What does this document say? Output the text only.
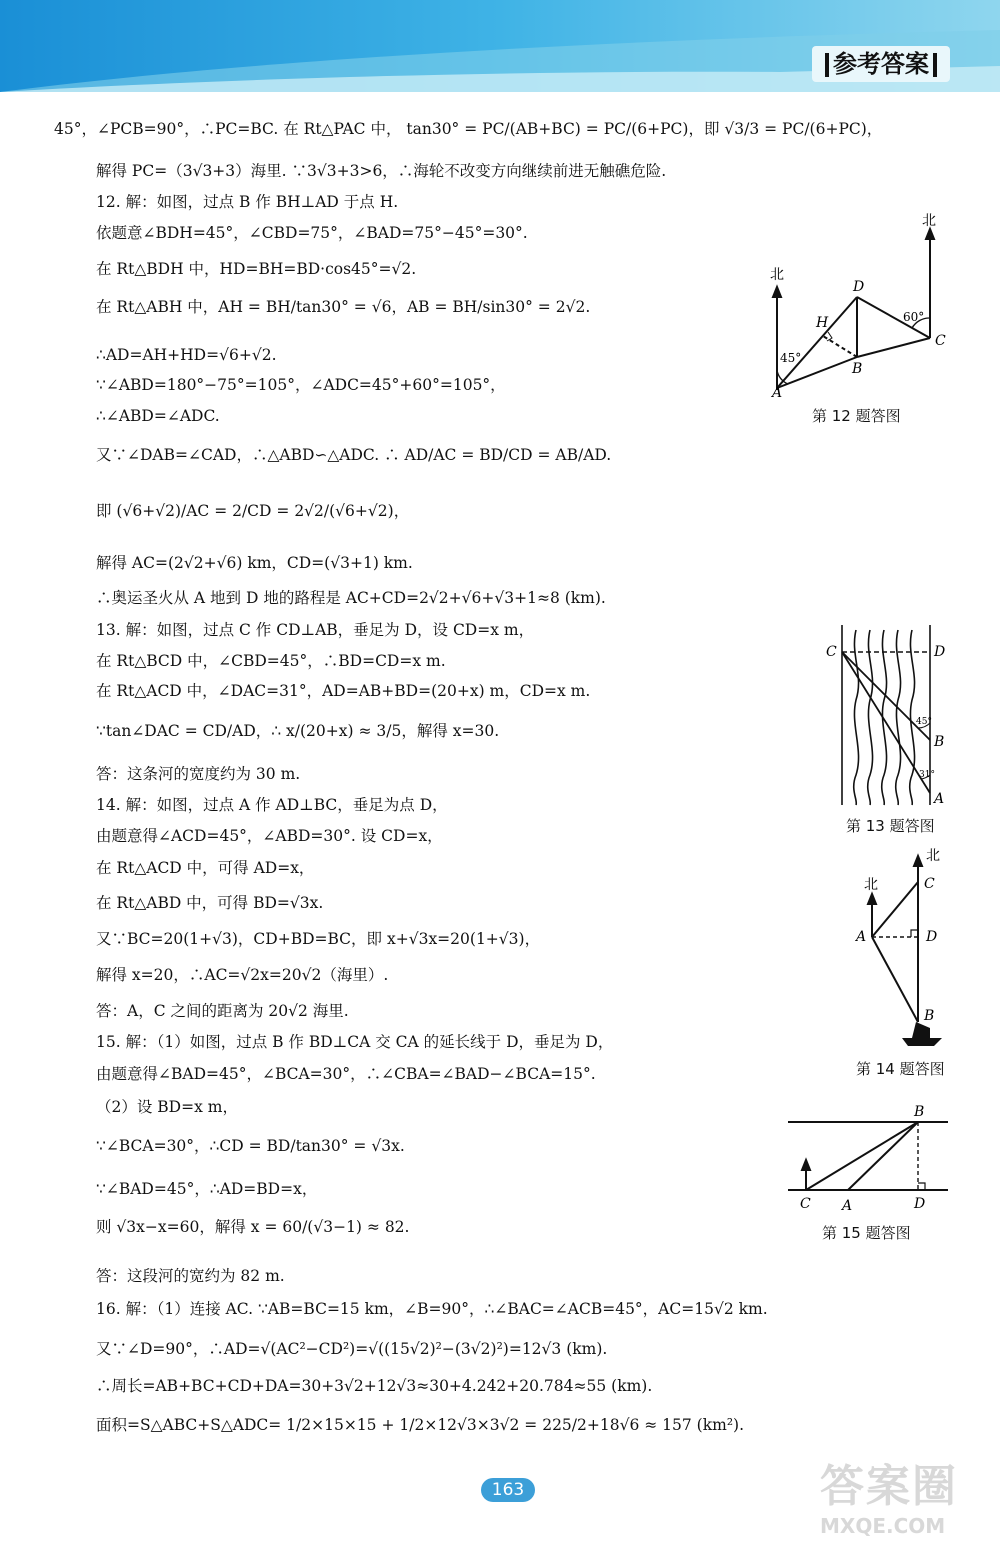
参考答案
45°，∠PCB=90°，∴PC=BC. 在 Rt△PAC 中， tan30° = PC/(AB+BC) = PC/(6+PC)，即 √3/3 = PC/(6+PC)，
解得 PC=（3√3+3）海里. ∵3√3+3>6，∴海轮不改变方向继续前进无触礁危险.
12. 解：如图，过点 B 作 BH⊥AD 于点 H.
依题意∠BDH=45°，∠CBD=75°，∠BAD=75°−45°=30°.
在 Rt△BDH 中，HD=BH=BD·cos45°=√2.
在 Rt△ABH 中，AH = BH/tan30° = √6，AB = BH/sin30° = 2√2.
∴AD=AH+HD=√6+√2.
∵∠ABD=180°−75°=105°，∠ADC=45°+60°=105°，
∴∠ABD=∠ADC.
又∵∠DAB=∠CAD，∴△ABD∽△ADC. ∴ AD/AC = BD/CD = AB/AD.
即 (√6+√2)/AC = 2/CD = 2√2/(√6+√2)，
解得 AC=(2√2+√6) km，CD=(√3+1) km.
∴奥运圣火从 A 地到 D 地的路程是 AC+CD=2√2+√6+√3+1≈8 (km).
13. 解：如图，过点 C 作 CD⊥AB，垂足为 D，设 CD=x m，
在 Rt△BCD 中，∠CBD=45°，∴BD=CD=x m.
在 Rt△ACD 中，∠DAC=31°，AD=AB+BD=(20+x) m，CD=x m.
∵tan∠DAC = CD/AD，∴ x/(20+x) ≈ 3/5，解得 x=30.
答：这条河的宽度约为 30 m.
14. 解：如图，过点 A 作 AD⊥BC，垂足为点 D，
由题意得∠ACD=45°，∠ABD=30°. 设 CD=x，
在 Rt△ACD 中，可得 AD=x，
在 Rt△ABD 中，可得 BD=√3x.
又∵BC=20(1+√3)，CD+BD=BC，即 x+√3x=20(1+√3)，
解得 x=20，∴AC=√2x=20√2（海里）.
答：A，C 之间的距离为 20√2 海里.
15. 解：（1）如图，过点 B 作 BD⊥CA 交 CA 的延长线于 D，垂足为 D，
由题意得∠BAD=45°，∠BCA=30°，∴∠CBA=∠BAD−∠BCA=15°.
（2）设 BD=x m，
∵∠BCA=30°，∴CD = BD/tan30° = √3x.
∵∠BAD=45°，∴AD=BD=x，
则 √3x−x=60，解得 x = 60/(√3−1) ≈ 82.
答：这段河的宽约为 82 m.
16. 解：（1）连接 AC. ∵AB=BC=15 km，∠B=90°，∴∠BAC=∠ACB=45°，AC=15√2 km.
又∵∠D=90°，∴AD=√(AC²−CD²)=√((15√2)²−(3√2)²)=12√3 (km).
∴周长=AB+BC+CD+DA=30+3√2+12√3≈30+4.242+20.784≈55 (km).
面积=S△ABC+S△ADC= 1/2×15×15 + 1/2×12√3×3√2 = 225/2+18√6 ≈ 157 (km²).
北
北
A
B
C
D
H
45°
60°
第 12 题答图
C	D
B
A
45°
31°
第 13 题答图
北
北
A
C
D
B
第 14 题答图
B
C A	D
第 15 题答图
163	答案圈
MXQE.COM
